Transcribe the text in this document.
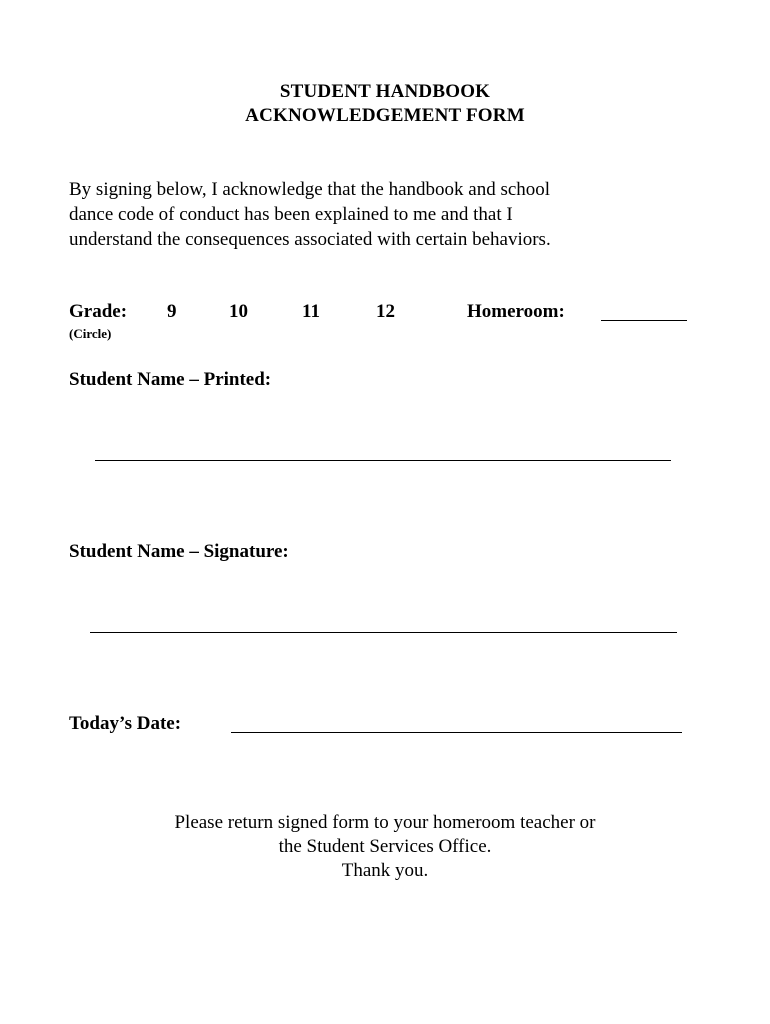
STUDENT HANDBOOK
ACKNOWLEDGEMENT FORM

By signing below, I acknowledge that the handbook and school
dance code of conduct has been explained to me and that I
understand the consequences associated with certain behaviors.

Grade: 9	10	11	12
(Circle)
Homeroom:
Student Name – Printed:
Student Name – Signature:
Today’s Date:
Please return signed form to your homeroom teacher or
the Student Services Office.
Thank you.
